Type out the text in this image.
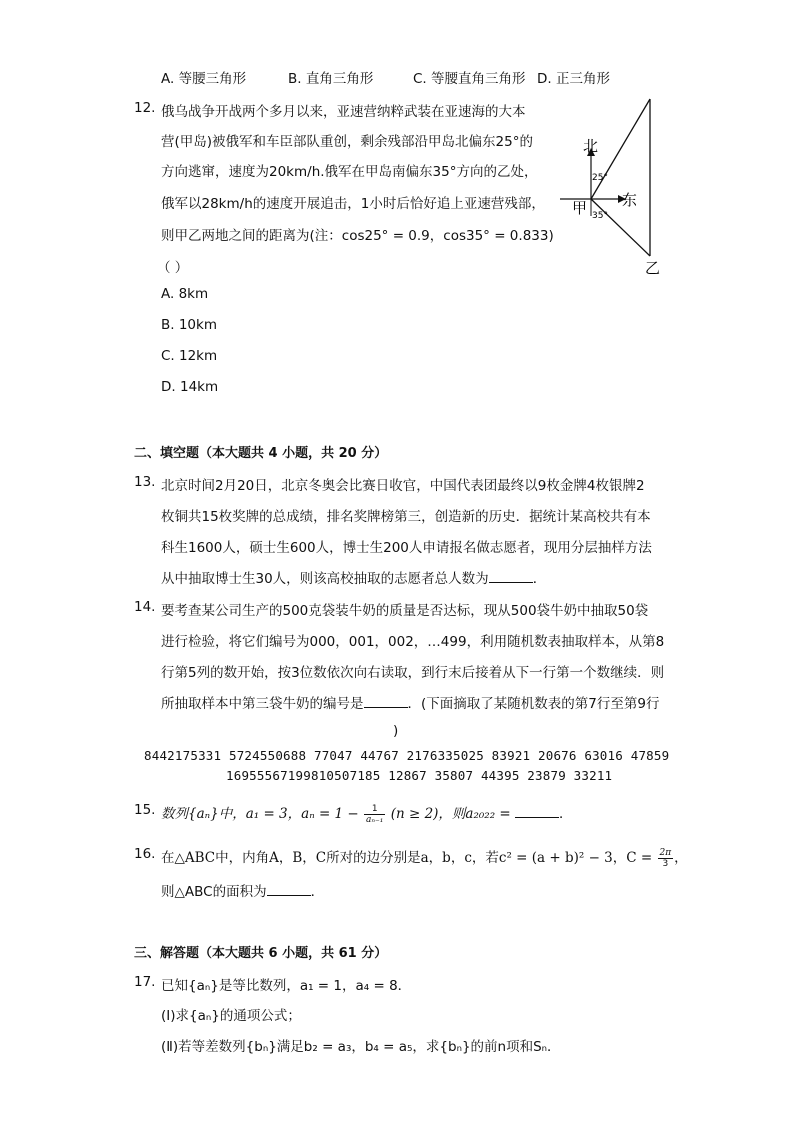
A. 等腰三角形	B. 直角三角形	C. 等腰直角三角形 D. 正三角形
12. 俄乌战争开战两个多月以来，亚速营纳粹武装在亚速海的大本
营(甲岛)被俄军和车臣部队重创，剩余残部沿甲岛北偏东25°的
方向逃窜，速度为20km/h.俄军在甲岛南偏东35°方向的乙处，
俄军以28km/h的速度开展追击，1小时后恰好追上亚速营残部，
则甲乙两地之间的距离为(注：cos25° = 0.9，cos35° = 0.833)
（ ）
A. 8km
B. 10km
C. 12km
D. 14km
北
东
甲
乙
25°
35°
二、填空题（本大题共 4 小题，共 20 分）
13. 北京时间2月20日，北京冬奥会比赛日收官，中国代表团最终以9枚金牌4枚银牌2
枚铜共15枚奖牌的总成绩，排名奖牌榜第三，创造新的历史．据统计某高校共有本
科生1600人，硕士生600人，博士生200人申请报名做志愿者，现用分层抽样方法
从中抽取博士生30人，则该高校抽取的志愿者总人数为	．
14. 要考查某公司生产的500克袋装牛奶的质量是否达标，现从500袋牛奶中抽取50袋
进行检验，将它们编号为000，001，002，…499，利用随机数表抽取样本，从第8
行第5列的数开始，按3位数依次向右读取，到行末后接着从下一行第一个数继续．则
所抽取样本中第三袋牛奶的编号是	．(下面摘取了某随机数表的第7行至第9行
)
8442175331 5724550688 77047 44767 2176335025 83921 20676 63016 47859
16955567199810507185 12867 35807 44395 23879 33211
15. 数列{aₙ}中，a₁ = 3，$a_n = 1 - \frac{1}{\text{aₙ₋₁}} (n \ge 2)$，则a₂₀₂₂ =	．
16. 在△ABC中，内角A，B，C所对的边分别是a，b，c，若c² = (a + b)² − 3，$C = \frac{2\pi}{3}$ ，
则△ABC的面积为	．
三、解答题（本大题共 6 小题，共 61 分）
17. 已知{aₙ}是等比数列，a₁ = 1，a₄ = 8．
(Ⅰ)求{aₙ}的通项公式；
(Ⅱ)若等差数列{bₙ}满足b₂ = a₃，b₄ = a₅，求{bₙ}的前n项和Sₙ．
